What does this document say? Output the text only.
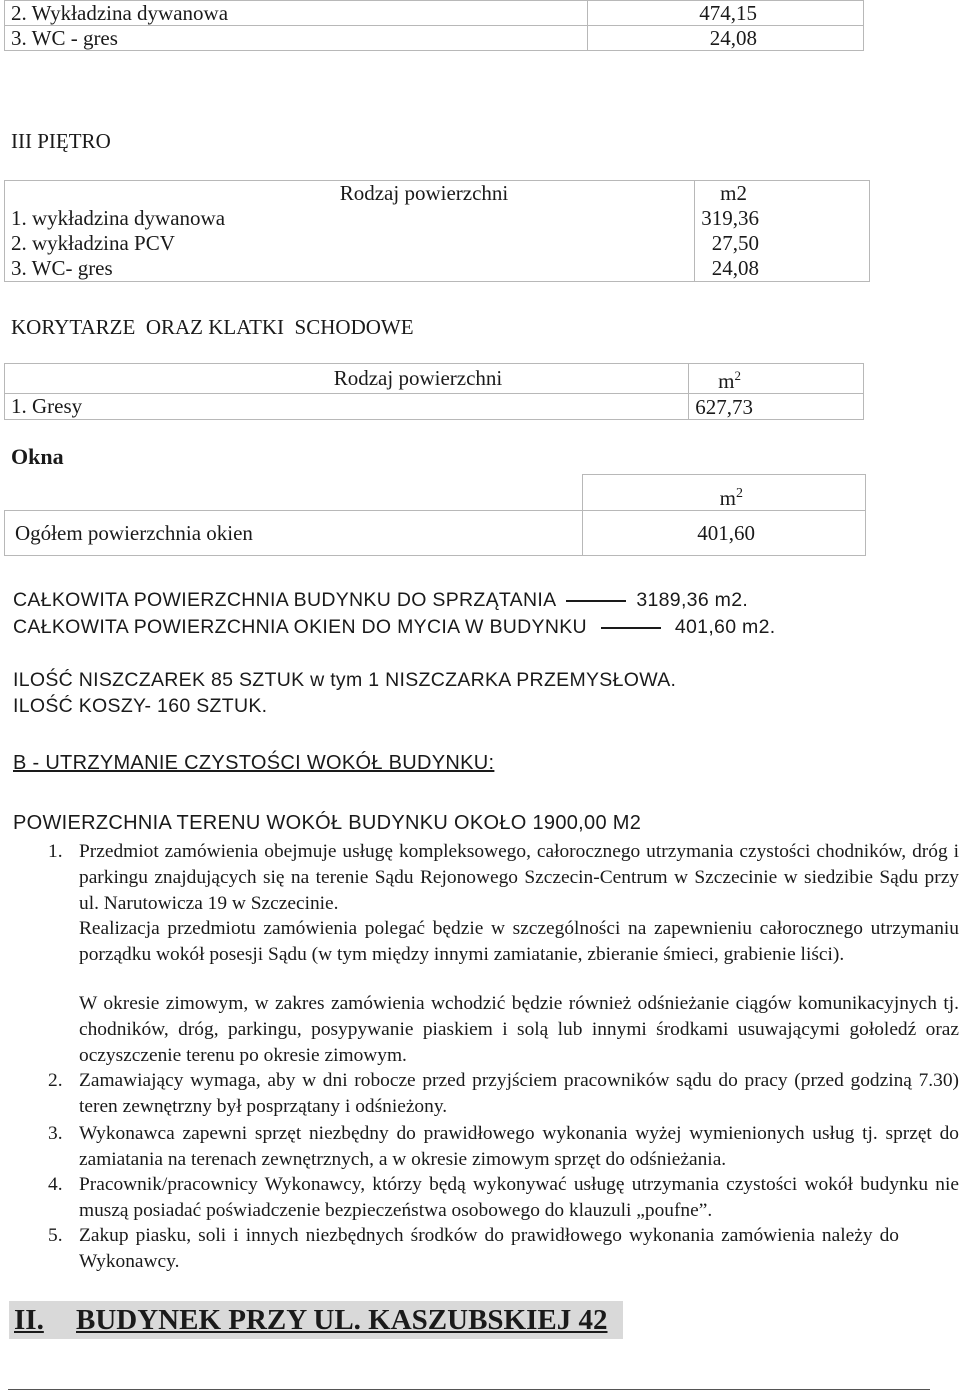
2. Wykładzina dywanowa	474,15
3. WC - gres	24,08
III PIĘTRO
Rodzaj powierzchni	m2
1. wykładzina dywanowa	319,36
2. wykładzina PCV	27,50
3. WC- gres	24,08
KORYTARZE  ORAZ KLATKI  SCHODOWE
Rodzaj powierzchni	$m^2$
1. Gresy	627,73
Okna
	$m^2$
Ogółem powierzchnia okien	401,60
CAŁKOWITA POWIERZCHNIA BUDYNKU DO SPRZĄTANIA	3189,36 m2.
CAŁKOWITA POWIERZCHNIA OKIEN DO MYCIA W BUDYNKU	401,60 m2.
ILOŚĆ NISZCZAREK 85 SZTUK w tym 1 NISZCZARKA PRZEMYSŁOWA.
ILOŚĆ KOSZY- 160 SZTUK.
B - UTRZYMANIE CZYSTOŚCI WOKÓŁ BUDYNKU:
POWIERZCHNIA TERENU WOKÓŁ BUDYNKU OKOŁO 1900,00 M2
1. Przedmiot zamówienia obejmuje usługę kompleksowego, całorocznego utrzymania czystości chodników, dróg i parkingu znajdujących się na terenie Sądu Rejonowego Szczecin-Centrum w Szczecinie w siedzibie Sądu przy ul. Narutowicza 19 w Szczecinie.
Realizacja przedmiotu zamówienia polegać będzie w szczególności na zapewnieniu całorocznego utrzymaniu porządku wokół posesji Sądu (w tym między innymi zamiatanie, zbieranie śmieci, grabienie liści).
W okresie zimowym, w zakres zamówienia wchodzić będzie również odśnieżanie ciągów komunikacyjnych tj. chodników, dróg, parkingu, posypywanie piaskiem i solą lub innymi środkami usuwającymi gołoledź oraz oczyszczenie terenu po okresie zimowym.
2. Zamawiający wymaga, aby w dni robocze przed przyjściem pracowników sądu do pracy (przed godziną 7.30) teren zewnętrzny był posprzątany i odśnieżony.
3. Wykonawca zapewni sprzęt niezbędny do prawidłowego wykonania wyżej wymienionych usług tj. sprzęt do zamiatania na terenach zewnętrznych, a w okresie zimowym sprzęt do odśnieżania.
4. Pracownik/pracownicy Wykonawcy, którzy będą wykonywać usługę utrzymania czystości wokół budynku nie muszą posiadać poświadczenie bezpieczeństwa osobowego do klauzuli „poufne”.
5. Zakup piasku, soli i innych niezbędnych środków do prawidłowego wykonania zamówienia należy do Wykonawcy.
II. BUDYNEK PRZY UL. KASZUBSKIEJ 42
